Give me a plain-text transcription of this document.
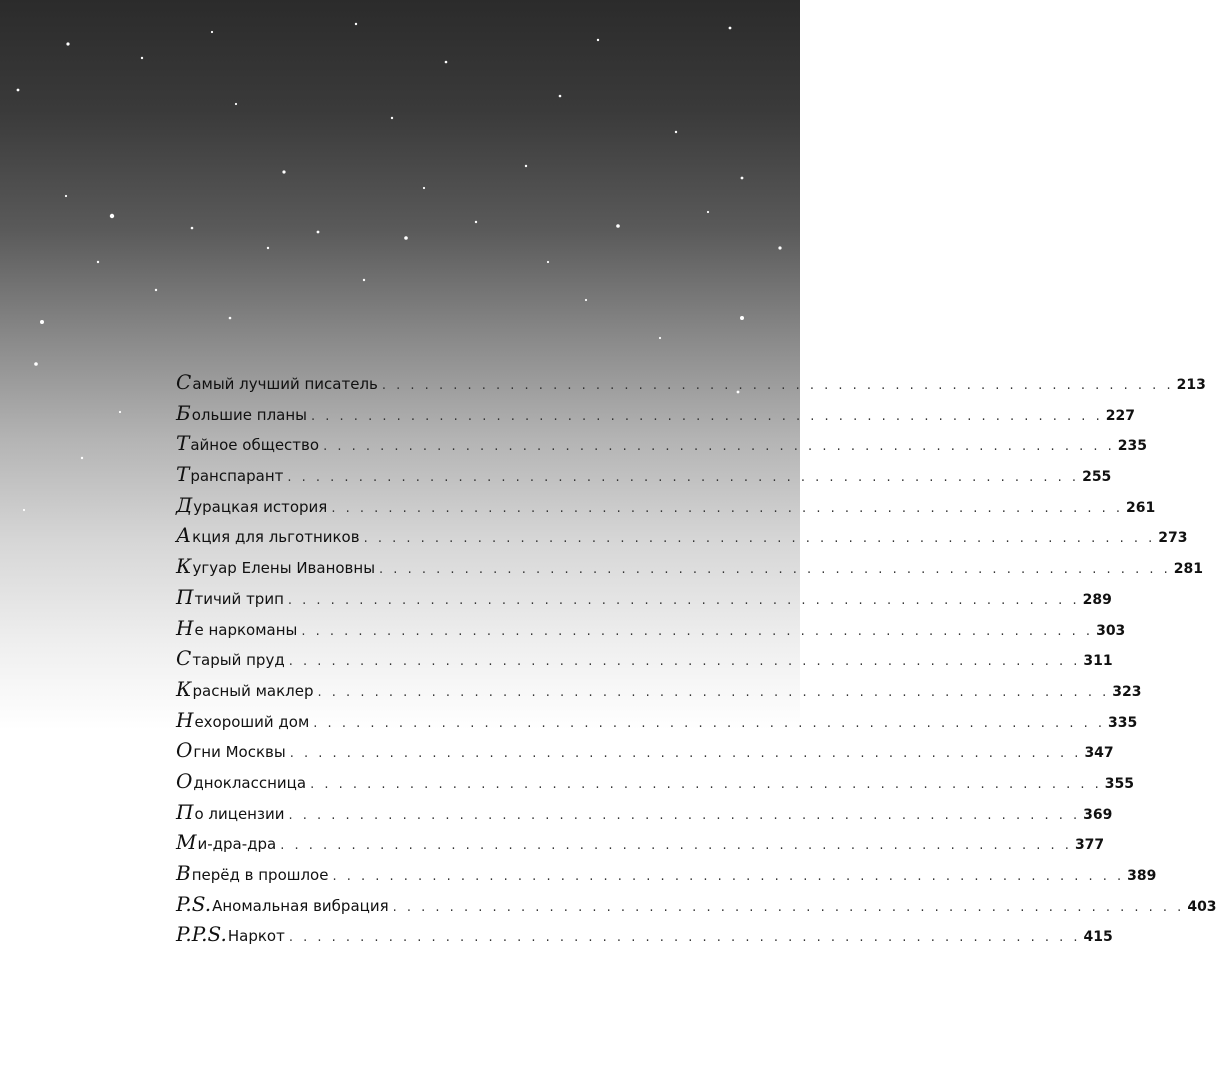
С амый лучший писатель . . . . . . . . . . . . . . . . . . . . . . . . . . . . . . . . . . . . . . . . . . . . . . . . . . . . . . . . 213
Б ольшие планы . . . . . . . . . . . . . . . . . . . . . . . . . . . . . . . . . . . . . . . . . . . . . . . . . . . . . . . . 227
Т айное общество . . . . . . . . . . . . . . . . . . . . . . . . . . . . . . . . . . . . . . . . . . . . . . . . . . . . . . . . 235
Т ранспарант . . . . . . . . . . . . . . . . . . . . . . . . . . . . . . . . . . . . . . . . . . . . . . . . . . . . . . . . 255
Д урацкая история . . . . . . . . . . . . . . . . . . . . . . . . . . . . . . . . . . . . . . . . . . . . . . . . . . . . . . . . 261
А кция для льготников . . . . . . . . . . . . . . . . . . . . . . . . . . . . . . . . . . . . . . . . . . . . . . . . . . . . . . . . 273
К угуар Елены Ивановны . . . . . . . . . . . . . . . . . . . . . . . . . . . . . . . . . . . . . . . . . . . . . . . . . . . . . . . . 281
П тичий трип . . . . . . . . . . . . . . . . . . . . . . . . . . . . . . . . . . . . . . . . . . . . . . . . . . . . . . . . 289
Н е наркоманы . . . . . . . . . . . . . . . . . . . . . . . . . . . . . . . . . . . . . . . . . . . . . . . . . . . . . . . . 303
С тарый пруд . . . . . . . . . . . . . . . . . . . . . . . . . . . . . . . . . . . . . . . . . . . . . . . . . . . . . . . . 311
К расный маклер . . . . . . . . . . . . . . . . . . . . . . . . . . . . . . . . . . . . . . . . . . . . . . . . . . . . . . . . 323
Н ехороший дом . . . . . . . . . . . . . . . . . . . . . . . . . . . . . . . . . . . . . . . . . . . . . . . . . . . . . . . . 335
О гни Москвы . . . . . . . . . . . . . . . . . . . . . . . . . . . . . . . . . . . . . . . . . . . . . . . . . . . . . . . . 347
О дноклассница . . . . . . . . . . . . . . . . . . . . . . . . . . . . . . . . . . . . . . . . . . . . . . . . . . . . . . . . 355
П о лицензии . . . . . . . . . . . . . . . . . . . . . . . . . . . . . . . . . . . . . . . . . . . . . . . . . . . . . . . . 369
М и-дра-дра . . . . . . . . . . . . . . . . . . . . . . . . . . . . . . . . . . . . . . . . . . . . . . . . . . . . . . . . 377
В перёд в прошлое . . . . . . . . . . . . . . . . . . . . . . . . . . . . . . . . . . . . . . . . . . . . . . . . . . . . . . . . 389
P.S. Аномальная вибрация . . . . . . . . . . . . . . . . . . . . . . . . . . . . . . . . . . . . . . . . . . . . . . . . . . . . . . . . 403
P.P.S. Наркот . . . . . . . . . . . . . . . . . . . . . . . . . . . . . . . . . . . . . . . . . . . . . . . . . . . . . . . . 415
